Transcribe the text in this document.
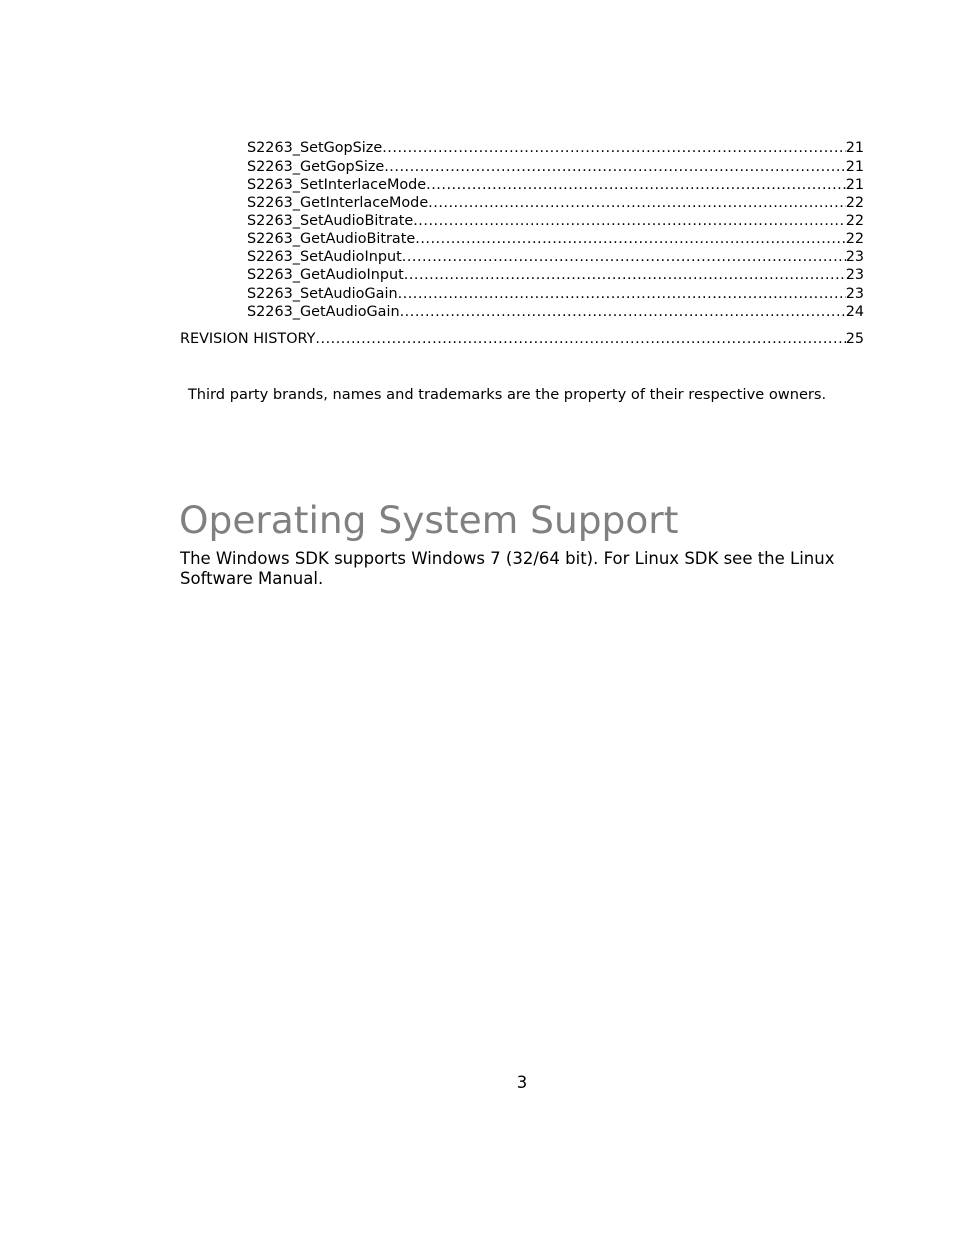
S2263_SetGopSize .....	21
S2263_GetGopSize .....	21
S2263_SetInterlaceMode .....	21
S2263_GetInterlaceMode .....	22
S2263_SetAudioBitrate .....	22
S2263_GetAudioBitrate .....	22
S2263_SetAudioInput .....	23
S2263_GetAudioInput .....	23
S2263_SetAudioGain .....	23
S2263_GetAudioGain .....	24
REVISION HISTORY .....	25
Third party brands, names and trademarks are the property of their respective owners.
Operating System Support

The Windows SDK supports Windows 7 (32/64 bit). For Linux SDK see the Linux Software Manual.

3
